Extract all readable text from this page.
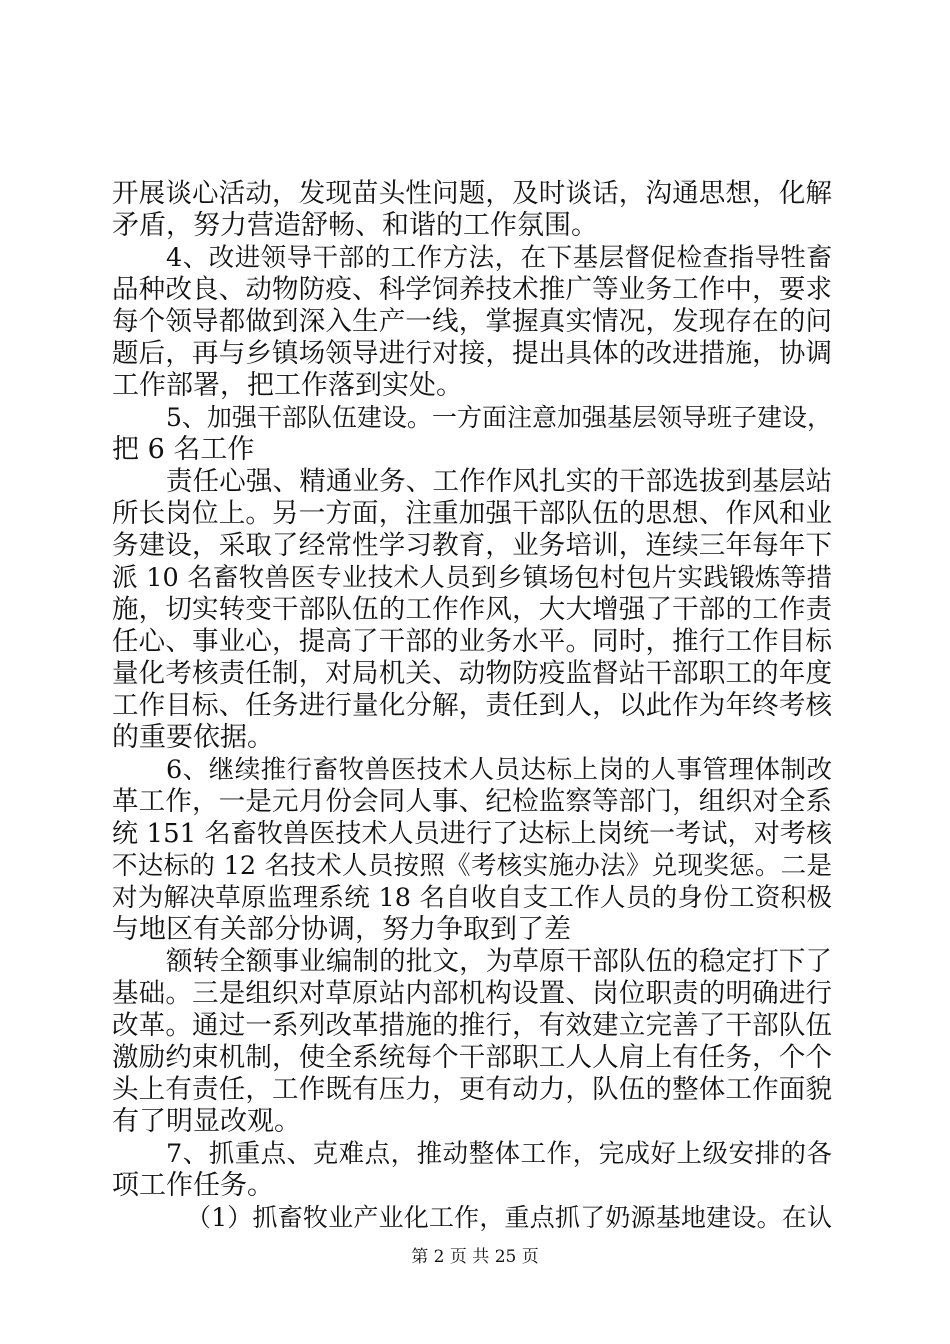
开展谈心活动，发现苗头性问题，及时谈话，沟通思想，化解
矛盾，努力营造舒畅、和谐的工作氛围。
4、改进领导干部的工作方法，在下基层督促检查指导牲畜
品种改良、动物防疫、科学饲养技术推广等业务工作中，要求
每个领导都做到深入生产一线，掌握真实情况，发现存在的问
题后，再与乡镇场领导进行对接，提出具体的改进措施，协调
工作部署，把工作落到实处。
5、加强干部队伍建设。一方面注意加强基层领导班子建设，
把 6 名工作
责任心强、精通业务、工作作风扎实的干部选拔到基层站
所长岗位上。另一方面，注重加强干部队伍的思想、作风和业
务建设，采取了经常性学习教育，业务培训，连续三年每年下
派 10 名畜牧兽医专业技术人员到乡镇场包村包片实践锻炼等措
施，切实转变干部队伍的工作作风，大大增强了干部的工作责
任心、事业心，提高了干部的业务水平。同时，推行工作目标
量化考核责任制，对局机关、动物防疫监督站干部职工的年度
工作目标、任务进行量化分解，责任到人，以此作为年终考核
的重要依据。
6、继续推行畜牧兽医技术人员达标上岗的人事管理体制改
革工作，一是元月份会同人事、纪检监察等部门，组织对全系
统 151 名畜牧兽医技术人员进行了达标上岗统一考试，对考核
不达标的 12 名技术人员按照《考核实施办法》兑现奖惩。二是
对为解决草原监理系统 18 名自收自支工作人员的身份工资积极
与地区有关部分协调，努力争取到了差
额转全额事业编制的批文，为草原干部队伍的稳定打下了
基础。三是组织对草原站内部机构设置、岗位职责的明确进行
改革。通过一系列改革措施的推行，有效建立完善了干部队伍
激励约束机制，使全系统每个干部职工人人肩上有任务，个个
头上有责任，工作既有压力，更有动力，队伍的整体工作面貌
有了明显改观。
7、抓重点、克难点，推动整体工作，完成好上级安排的各
项工作任务。
（1）抓畜牧业产业化工作，重点抓了奶源基地建设。在认
第 2 页 共 25 页
